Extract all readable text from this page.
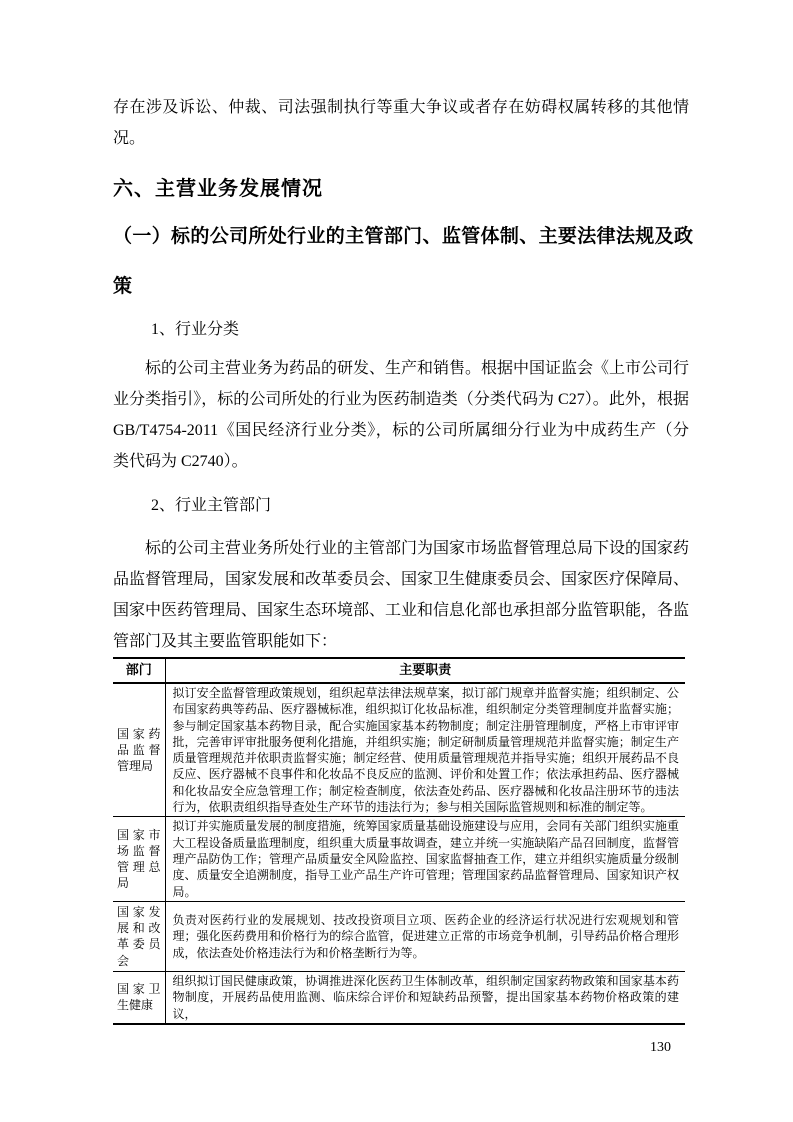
存在涉及诉讼、仲裁、司法强制执行等重大争议或者存在妨碍权属转移的其他情况。

六、主营业务发展情况
（一）标的公司所处行业的主管部门、监管体制、主要法律法规及政策
1、行业分类

标的公司主营业务为药品的研发、生产和销售。根据中国证监会《上市公司行业分类指引》，标的公司所处的行业为医药制造类（分类代码为 C27）。此外，根据 GB/T4754-2011《国民经济行业分类》，标的公司所属细分行业为中成药生产（分类代码为 C2740）。

2、行业主管部门

标的公司主营业务所处行业的主管部门为国家市场监督管理总局下设的国家药品监督管理局，国家发展和改革委员会、国家卫生健康委员会、国家医疗保障局、国家中医药管理局、国家生态环境部、工业和信息化部也承担部分监管职能，各监管部门及其主要监管职能如下：

部门	主要职责
国家药品监督管理局	拟订安全监督管理政策规划，组织起草法律法规草案，拟订部门规章并监督实施；组织制定、公布国家药典等药品、医疗器械标准，组织拟订化妆品标准，组织制定分类管理制度并监督实施；参与制定国家基本药物目录，配合实施国家基本药物制度；制定注册管理制度，严格上市审评审批，完善审评审批服务便利化措施，并组织实施；制定研制质量管理规范并监督实施；制定生产质量管理规范并依职责监督实施；制定经营、使用质量管理规范并指导实施；组织开展药品不良反应、医疗器械不良事件和化妆品不良反应的监测、评价和处置工作；依法承担药品、医疗器械和化妆品安全应急管理工作；制定检查制度，依法查处药品、医疗器械和化妆品注册环节的违法行为，依职责组织指导查处生产环节的违法行为；参与相关国际监管规则和标准的制定等。
国家市场监督管理总局	拟订并实施质量发展的制度措施，统筹国家质量基础设施建设与应用，会同有关部门组织实施重大工程设备质量监理制度，组织重大质量事故调查，建立并统一实施缺陷产品召回制度，监督管理产品防伪工作；管理产品质量安全风险监控、国家监督抽查工作，建立并组织实施质量分级制度、质量安全追溯制度，指导工业产品生产许可管理；管理国家药品监督管理局、国家知识产权局。
国家发展和改革委员会	负责对医药行业的发展规划、技改投资项目立项、医药企业的经济运行状况进行宏观规划和管理；强化医药费用和价格行为的综合监管，促进建立正常的市场竞争机制，引导药品价格合理形成，依法查处价格违法行为和价格垄断行为等。
国家卫生健康	组织拟订国民健康政策，协调推进深化医药卫生体制改革，组织制定国家药物政策和国家基本药物制度，开展药品使用监测、临床综合评价和短缺药品预警，提出国家基本药物价格政策的建议，
130
